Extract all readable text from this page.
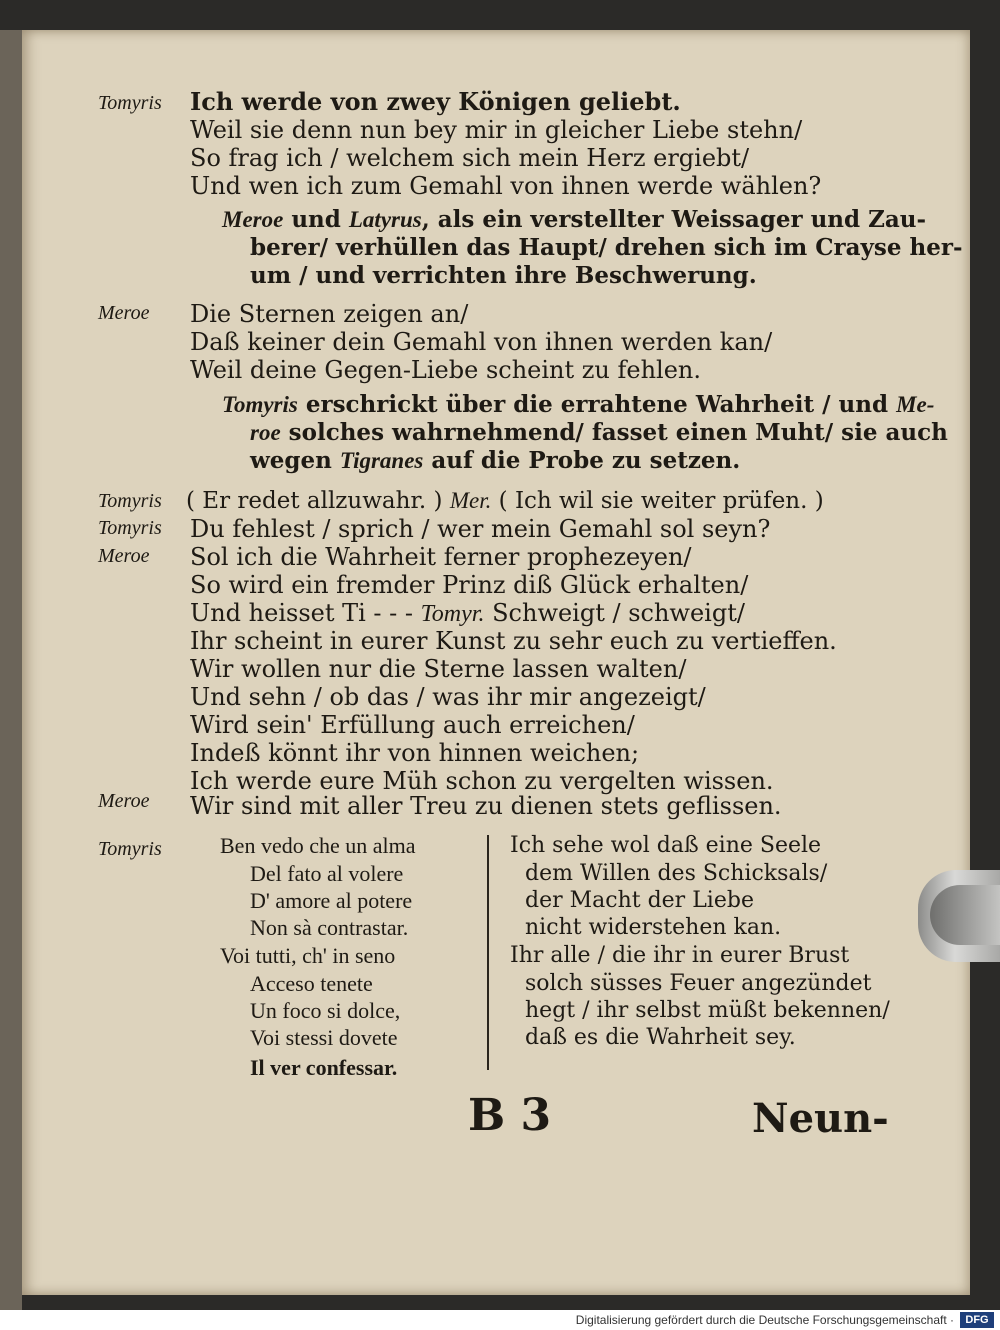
Tomyris
Meroe
Tomyris
Tomyris
Meroe
Meroe
Tomyris
Ich werde von zwey Königen geliebt.
Weil sie denn nun bey mir in gleicher Liebe stehn/
So frag ich / welchem sich mein Herz ergiebt/
Und wen ich zum Gemahl von ihnen werde wählen?
Meroe und Latyrus, als ein verstellter Weissager und Zau-
berer/ verhüllen das Haupt/ drehen sich im Crayse her-
um / und verrichten ihre Beschwerung.
Die Sternen zeigen an/
Daß keiner dein Gemahl von ihnen werden kan/
Weil deine Gegen-Liebe scheint zu fehlen.
Tomyris erschrickt über die errahtene Wahrheit / und Me-
roe solches wahrnehmend/ fasset einen Muht/ sie auch
wegen Tigranes auf die Probe zu setzen.
( Er redet allzuwahr. ) Mer. ( Ich wil sie weiter prüfen. )
Du fehlest / sprich / wer mein Gemahl sol seyn?
Sol ich die Wahrheit ferner prophezeyen/
So wird ein fremder Prinz diß Glück erhalten/
Und heisset Ti - - - Tomyr. Schweigt / schweigt/
Ihr scheint in eurer Kunst zu sehr euch zu vertieffen.
Wir wollen nur die Sterne lassen walten/
Und sehn / ob das / was ihr mir angezeigt/
Wird sein' Erfüllung auch erreichen/
Indeß könnt ihr von hinnen weichen;
Ich werde eure Müh schon zu vergelten wissen.
Wir sind mit aller Treu zu dienen stets geflissen.
Ben vedo che un alma
Del fato al volere
D' amore al potere
Non sà contrastar.
Voi tutti, ch' in seno
Acceso tenete
Un foco si dolce,
Voi stessi dovete
Il ver confessar.
Ich sehe wol daß eine Seele
dem Willen des Schicksals/
der Macht der Liebe
nicht widerstehen kan.
Ihr alle / die ihr in eurer Brust
solch süsses Feuer angezündet
hegt / ihr selbst müßt bekennen/
daß es die Wahrheit sey.
B 3	Neun-
Digitalisierung gefördert durch die Deutsche Forschungsgemeinschaft ·	DFG
